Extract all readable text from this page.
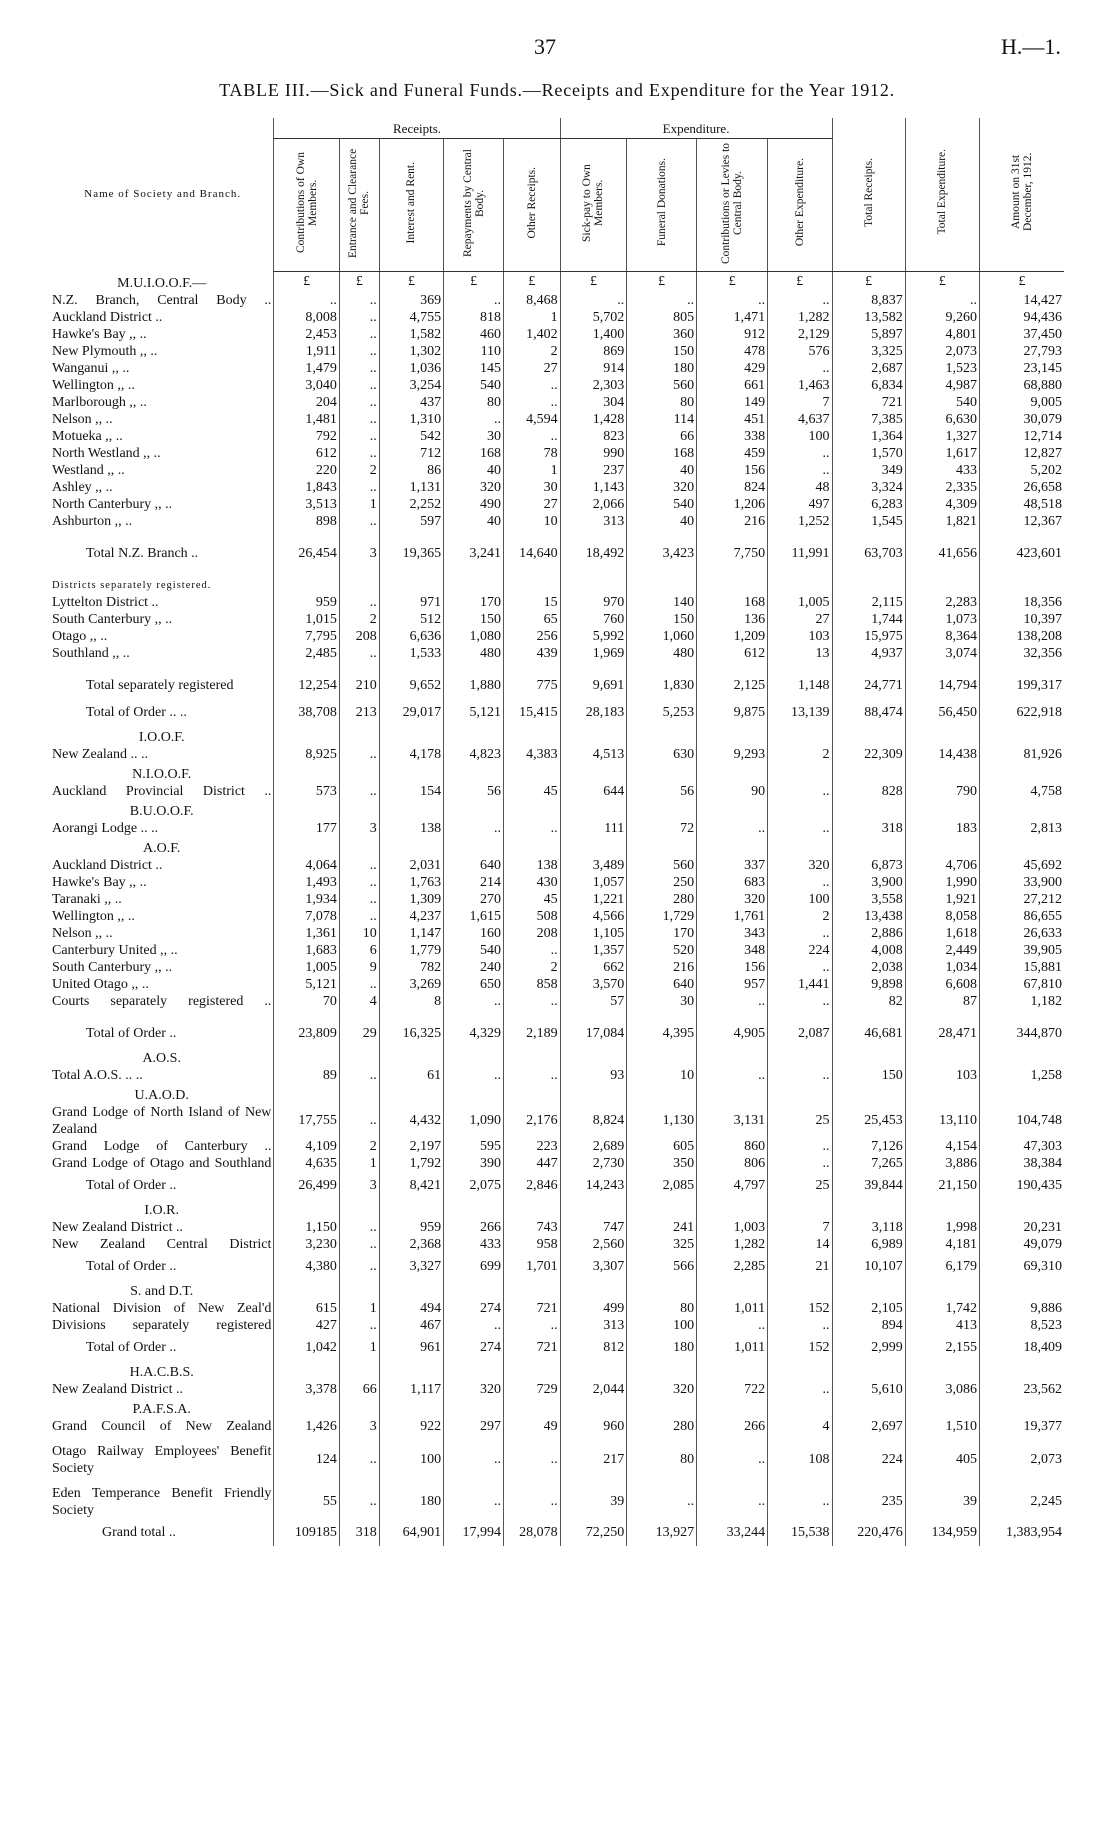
37	H.—1.
TABLE III.—Sick and Funeral Funds.—Receipts and Expenditure for the Year 1912.
Name of Society and Branch.	Receipts.					Expenditure.				Total Receipts.	Total Expenditure.	Amount on 31st December, 1912.
	Contributions of Own Members.	Entrance and Clearance Fees.	Interest and Rent.	Repayments by Central Body.	Other Receipts.	Sick-pay to Own Members.	Funeral Donations.	Contributions or Levies to Central Body.	Other Expenditure.			
M.U.I.O.O.F.—	£	£	£	£	£	£	£	£	£	£	£	£
N.Z. Branch, Central Body ..	..	..	369	..	8,468	..	..	..	..	8,837	..	14,427
Auckland District ..	8,008	..	4,755	818	1	5,702	805	1,471	1,282	13,582	9,260	94,436
Hawke's Bay ,, ..	2,453	..	1,582	460	1,402	1,400	360	912	2,129	5,897	4,801	37,450
New Plymouth ,, ..	1,911	..	1,302	110	2	869	150	478	576	3,325	2,073	27,793
Wanganui ,, ..	1,479	..	1,036	145	27	914	180	429	..	2,687	1,523	23,145
Wellington ,, ..	3,040	..	3,254	540	..	2,303	560	661	1,463	6,834	4,987	68,880
Marlborough ,, ..	204	..	437	80	..	304	80	149	7	721	540	9,005
Nelson ,, ..	1,481	..	1,310	..	4,594	1,428	114	451	4,637	7,385	6,630	30,079
Motueka ,, ..	792	..	542	30	..	823	66	338	100	1,364	1,327	12,714
North Westland ,, ..	612	..	712	168	78	990	168	459	..	1,570	1,617	12,827
Westland ,, ..	220	2	86	40	1	237	40	156	..	349	433	5,202
Ashley ,, ..	1,843	..	1,131	320	30	1,143	320	824	48	3,324	2,335	26,658
North Canterbury ,, ..	3,513	1	2,252	490	27	2,066	540	1,206	497	6,283	4,309	48,518
Ashburton ,, ..	898	..	597	40	10	313	40	216	1,252	1,545	1,821	12,367

Total N.Z. Branch ..	26,454	3	19,365	3,241	14,640	18,492	3,423	7,750	11,991	63,703	41,656	423,601

Districts separately registered.												
Lyttelton District ..	959	..	971	170	15	970	140	168	1,005	2,115	2,283	18,356
South Canterbury ,, ..	1,015	2	512	150	65	760	150	136	27	1,744	1,073	10,397
Otago ,, ..	7,795	208	6,636	1,080	256	5,992	1,060	1,209	103	15,975	8,364	138,208
Southland ,, ..	2,485	..	1,533	480	439	1,969	480	612	13	4,937	3,074	32,356

Total separately registered	12,254	210	9,652	1,880	775	9,691	1,830	2,125	1,148	24,771	14,794	199,317
Total of Order .. ..	38,708	213	29,017	5,121	15,415	28,183	5,253	9,875	13,139	88,474	56,450	622,918
I.O.O.F.												
New Zealand .. ..	8,925	..	4,178	4,823	4,383	4,513	630	9,293	2	22,309	14,438	81,926
N.I.O.O.F.												
Auckland Provincial District ..	573	..	154	56	45	644	56	90	..	828	790	4,758
B.U.O.O.F.												
Aorangi Lodge .. ..	177	3	138	..	..	111	72	..	..	318	183	2,813
A.O.F.												
Auckland District ..	4,064	..	2,031	640	138	3,489	560	337	320	6,873	4,706	45,692
Hawke's Bay ,, ..	1,493	..	1,763	214	430	1,057	250	683	..	3,900	1,990	33,900
Taranaki ,, ..	1,934	..	1,309	270	45	1,221	280	320	100	3,558	1,921	27,212
Wellington ,, ..	7,078	..	4,237	1,615	508	4,566	1,729	1,761	2	13,438	8,058	86,655
Nelson ,, ..	1,361	10	1,147	160	208	1,105	170	343	..	2,886	1,618	26,633
Canterbury United ,, ..	1,683	6	1,779	540	..	1,357	520	348	224	4,008	2,449	39,905
South Canterbury ,, ..	1,005	9	782	240	2	662	216	156	..	2,038	1,034	15,881
United Otago ,, ..	5,121	..	3,269	650	858	3,570	640	957	1,441	9,898	6,608	67,810
Courts separately registered ..	70	4	8	..	..	57	30	..	..	82	87	1,182

Total of Order ..	23,809	29	16,325	4,329	2,189	17,084	4,395	4,905	2,087	46,681	28,471	344,870
A.O.S.												
Total A.O.S. .. ..	89	..	61	..	..	93	10	..	..	150	103	1,258
U.A.O.D.												
Grand Lodge of North Island of New Zealand	17,755	..	4,432	1,090	2,176	8,824	1,130	3,131	25	25,453	13,110	104,748
Grand Lodge of Canterbury ..	4,109	2	2,197	595	223	2,689	605	860	..	7,126	4,154	47,303
Grand Lodge of Otago and Southland	4,635	1	1,792	390	447	2,730	350	806	..	7,265	3,886	38,384
Total of Order ..	26,499	3	8,421	2,075	2,846	14,243	2,085	4,797	25	39,844	21,150	190,435
I.O.R.												
New Zealand District ..	1,150	..	959	266	743	747	241	1,003	7	3,118	1,998	20,231
New Zealand Central District	3,230	..	2,368	433	958	2,560	325	1,282	14	6,989	4,181	49,079
Total of Order ..	4,380	..	3,327	699	1,701	3,307	566	2,285	21	10,107	6,179	69,310
S. and D.T.												
National Division of New Zeal'd	615	1	494	274	721	499	80	1,011	152	2,105	1,742	9,886
Divisions separately registered	427	..	467	..	..	313	100	..	..	894	413	8,523
Total of Order ..	1,042	1	961	274	721	812	180	1,011	152	2,999	2,155	18,409
H.A.C.B.S.												
New Zealand District ..	3,378	66	1,117	320	729	2,044	320	722	..	5,610	3,086	23,562
P.A.F.S.A.												
Grand Council of New Zealand	1,426	3	922	297	49	960	280	266	4	2,697	1,510	19,377
Otago Railway Employees' Benefit Society	124	..	100	..	..	217	80	..	108	224	405	2,073
Eden Temperance Benefit Friendly Society	55	..	180	..	..	39	..	..	..	235	39	2,245
Grand total ..	109185	318	64,901	17,994	28,078	72,250	13,927	33,244	15,538	220,476	134,959	1,383,954
